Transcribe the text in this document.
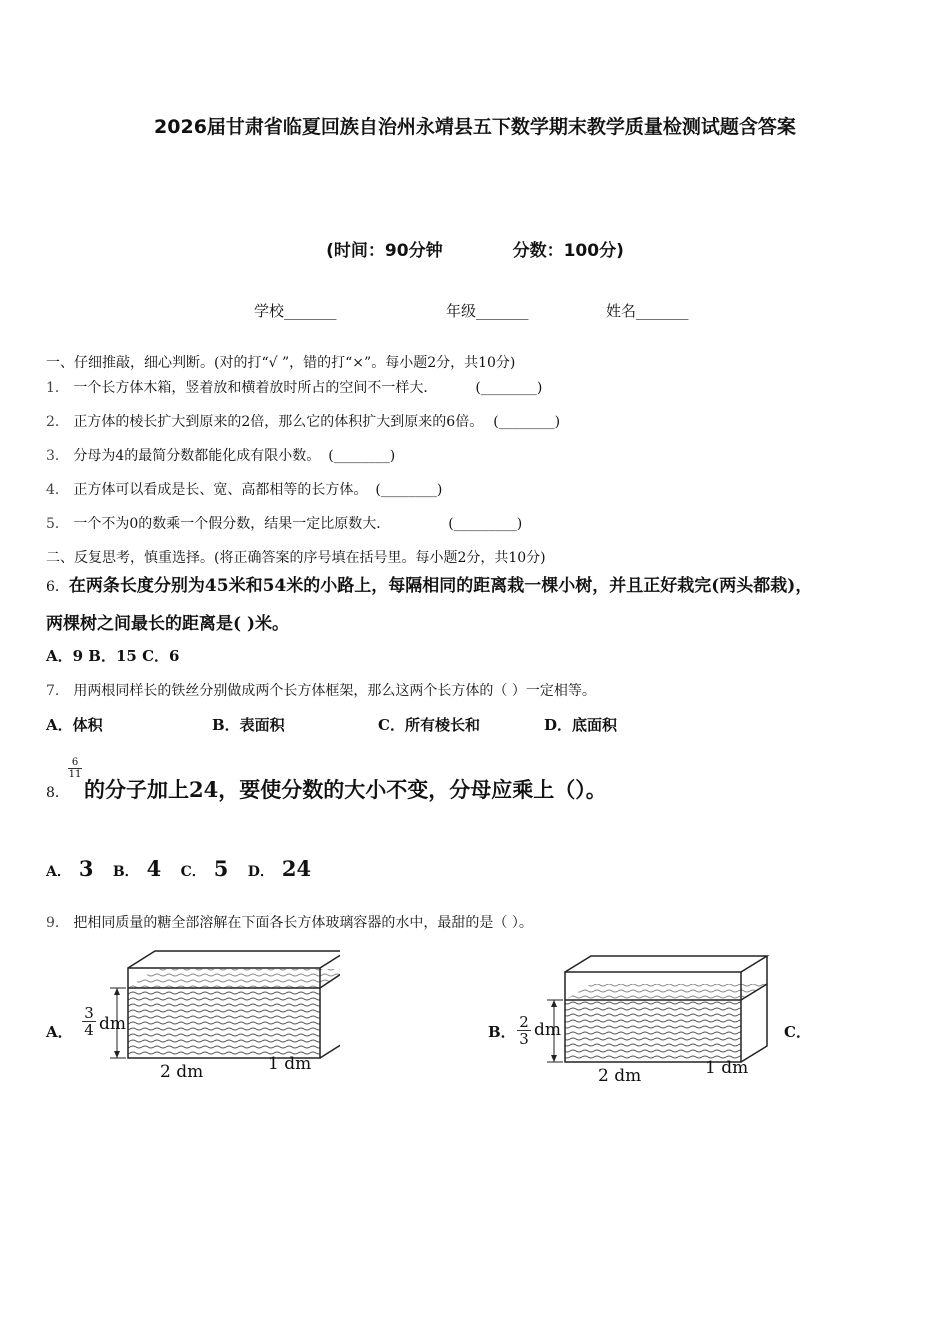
2026届甘肃省临夏回族自治州永靖县五下数学期末教学质量检测试题含答案
(时间：90分钟	分数：100分)
学校_______	年级_______	姓名_______
一、仔细推敲，细心判断。(对的打“√ ”，错的打“×”。每小题2分，共10分)
1． 一个长方体木箱，竖着放和横着放时所占的空间不一样大．	(________)
2． 正方体的棱长扩大到原来的2倍，那么它的体积扩大到原来的6倍。 (________)
3． 分母为4的最简分数都能化成有限小数。 (________)
4． 正方体可以看成是长、宽、高都相等的长方体。 (________)
5． 一个不为0的数乘一个假分数，结果一定比原数大．	(_________)
二、反复思考，慎重选择。(将正确答案的序号填在括号里。每小题2分，共10分)
6．在两条长度分别为45米和54米的小路上，每隔相同的距离栽一棵小树，并且正好栽完(两头都栽)，
两棵树之间最长的距离是( )米。
A．9 B．15 C．6
7． 用两根同样长的铁丝分别做成两个长方体框架，那么这两个长方体的（ ）一定相等。
A．体积	B．表面积	C．所有棱长和	D．底面积
8．
6
11
的分子加上24，要使分数的大小不变，分母应乘上（）。
A． 3 B． 4 C． 5 D． 24
9． 把相同质量的糖全部溶解在下面各长方体玻璃容器的水中，最甜的是（ ）。
A．	B．	C．
3
4 dm
2 dm	1 dm
2
3 dm
2 dm	1 dm
